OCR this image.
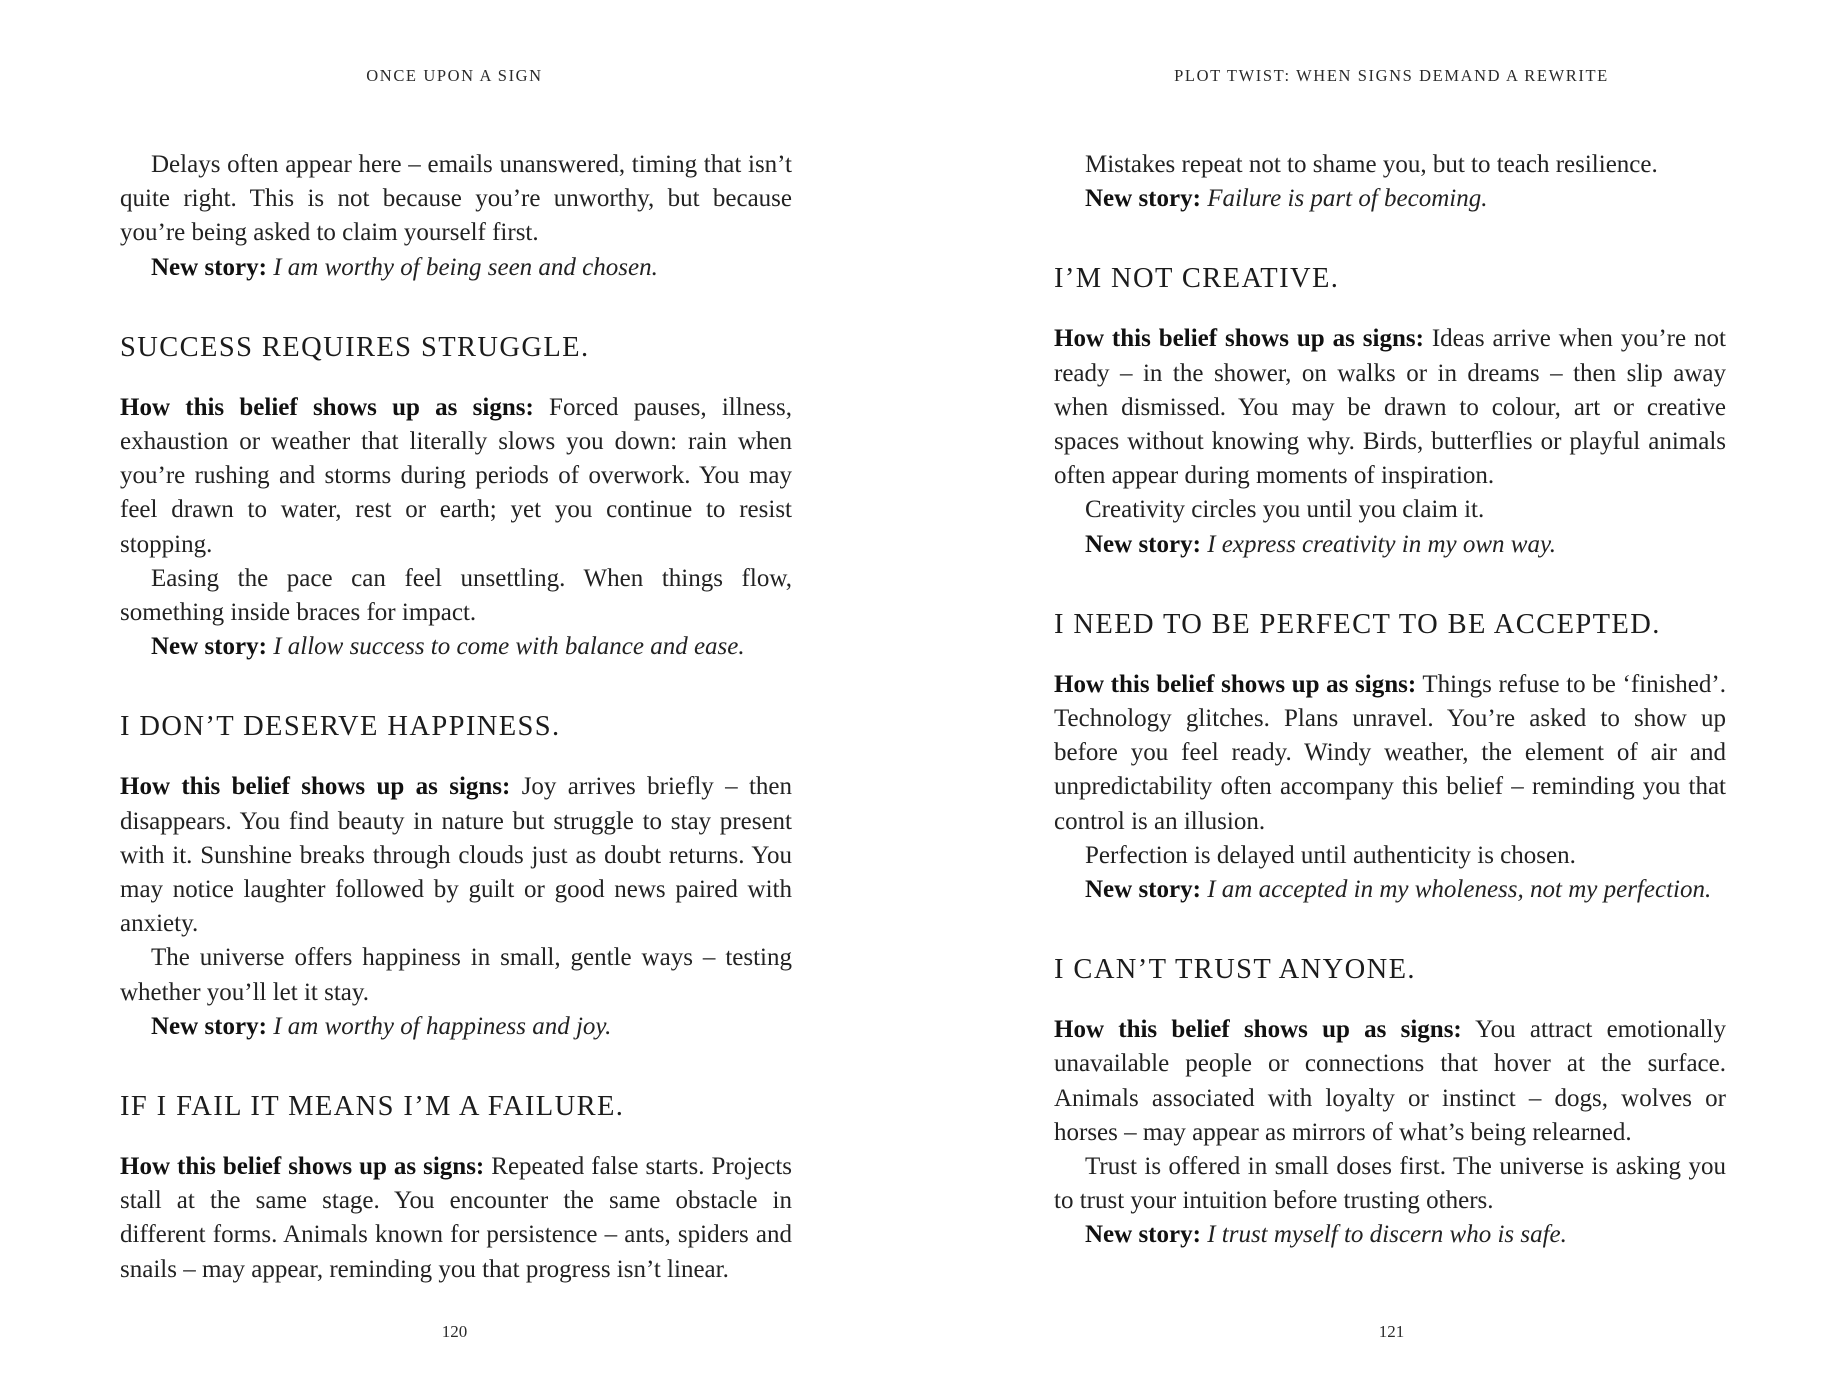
ONCE UPON A SIGN

Delays often appear here – emails unanswered, timing that isn’t quite right. This is not because you’re unworthy, but because you’re being asked to claim yourself first.

New story: I am worthy of being seen and chosen.

SUCCESS REQUIRES STRUGGLE.

How this belief shows up as signs: Forced pauses, illness, exhaustion or weather that literally slows you down: rain when you’re rushing and storms during periods of overwork. You may feel drawn to water, rest or earth; yet you continue to resist stopping.

Easing the pace can feel unsettling. When things flow, something inside braces for impact.

New story: I allow success to come with balance and ease.

I DON’T DESERVE HAPPINESS.

How this belief shows up as signs: Joy arrives briefly – then disappears. You find beauty in nature but struggle to stay present with it. Sunshine breaks through clouds just as doubt returns. You may notice laughter followed by guilt or good news paired with anxiety.

The universe offers happiness in small, gentle ways – testing whether you’ll let it stay.

New story: I am worthy of happiness and joy.

IF I FAIL IT MEANS I’M A FAILURE.

How this belief shows up as signs: Repeated false starts. Projects stall at the same stage. You encounter the same obstacle in different forms. Animals known for persistence – ants, spiders and snails – may appear, reminding you that progress isn’t linear.

120
PLOT TWIST: WHEN SIGNS DEMAND A REWRITE

Mistakes repeat not to shame you, but to teach resilience.

New story: Failure is part of becoming.

I’M NOT CREATIVE.

How this belief shows up as signs: Ideas arrive when you’re not ready – in the shower, on walks or in dreams – then slip away when dismissed. You may be drawn to colour, art or creative spaces without knowing why. Birds, butterflies or playful animals often appear during moments of inspiration.

Creativity circles you until you claim it.

New story: I express creativity in my own way.

I NEED TO BE PERFECT TO BE ACCEPTED.

How this belief shows up as signs: Things refuse to be ‘finished’. Technology glitches. Plans unravel. You’re asked to show up before you feel ready. Windy weather, the element of air and unpredictability often accompany this belief – reminding you that control is an illusion.

Perfection is delayed until authenticity is chosen.

New story: I am accepted in my wholeness, not my perfection.

I CAN’T TRUST ANYONE.

How this belief shows up as signs: You attract emotionally unavailable people or connections that hover at the surface. Animals associated with loyalty or instinct – dogs, wolves or horses – may appear as mirrors of what’s being relearned.

Trust is offered in small doses first. The universe is asking you to trust your intuition before trusting others.

New story: I trust myself to discern who is safe.

121
